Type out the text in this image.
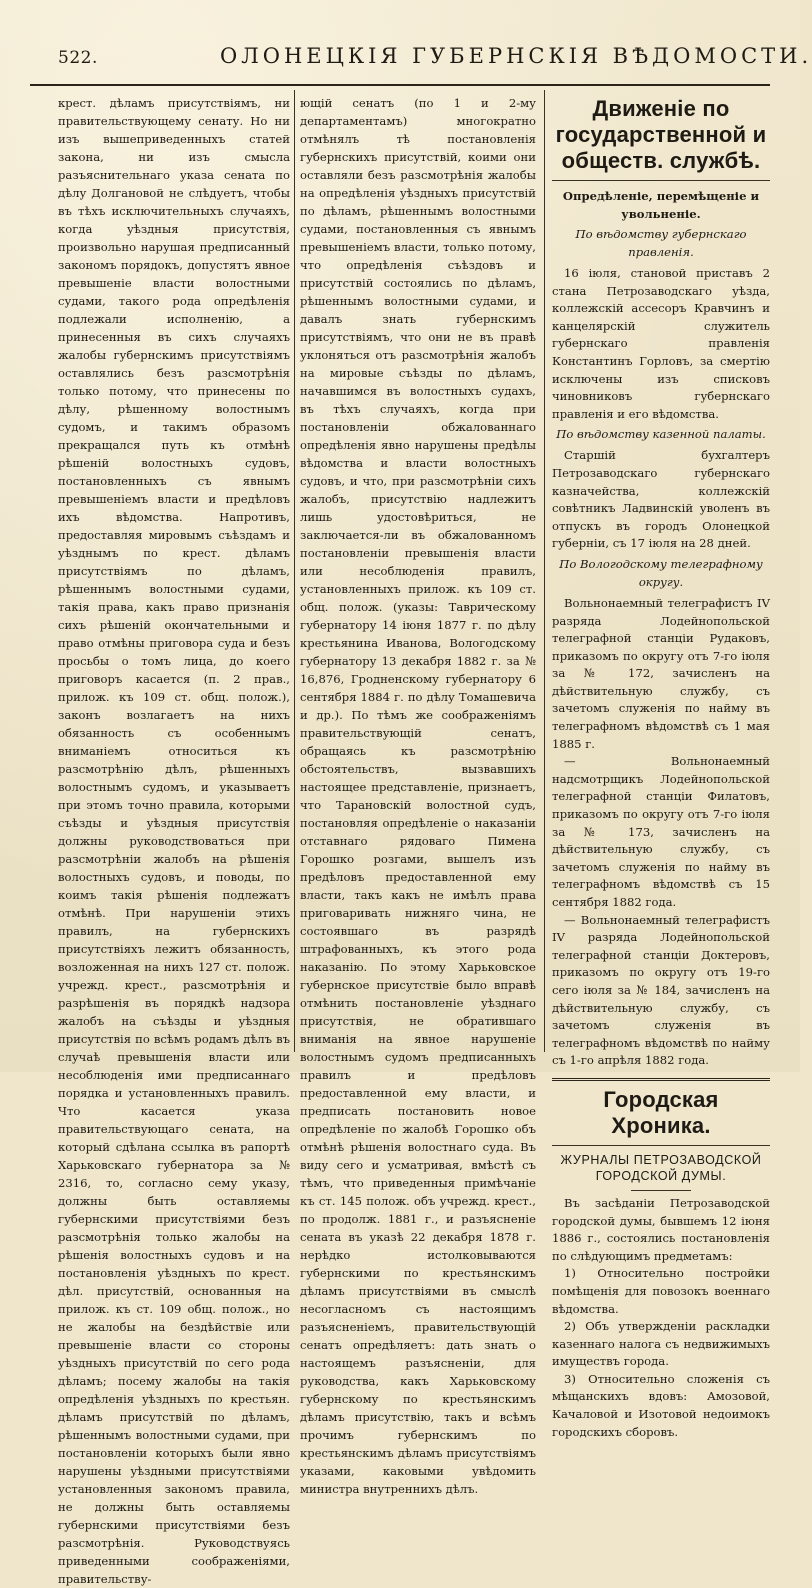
522.	ОЛОНЕЦКІЯ ГУБЕРНСКІЯ ВѢДОМОСТИ.

крест. дѣламъ присутствіямъ, ни правительствующему сенату. Но ни изъ вышеприведенныхъ статей закона, ни изъ смысла разъяснительнаго указа сената по дѣлу Долгановой не слѣдуетъ, чтобы въ тѣхъ исключительныхъ случаяхъ, когда уѣздныя присутствія, произвольно нарушая предписанный закономъ порядокъ, допустятъ явное превышеніе власти волостными судами, такого рода опредѣленія подлежали исполненію, а принесенныя въ сихъ случаяхъ жалобы губернскимъ присутствіямъ оставлялись безъ разсмотрѣнія только потому, что принесены по дѣлу, рѣшенному волостнымъ судомъ, и такимъ образомъ прекращался путь къ отмѣнѣ рѣшеній волостныхъ судовъ, постановленныхъ съ явнымъ превышеніемъ власти и предѣловъ ихъ вѣдомства. Напротивъ, предоставляя мировымъ съѣздамъ и уѣзднымъ по крест. дѣламъ присутствіямъ по дѣламъ, рѣшеннымъ волостными судами, такія права, какъ право признанія сихъ рѣшеній окончательными и право отмѣны приговора суда и безъ просьбы о томъ лица, до коего приговоръ касается (п. 2 прав., прилож. къ 109 ст. общ. полож.), законъ возлагаетъ на нихъ обязанность съ особеннымъ вниманіемъ относиться къ разсмотрѣнію дѣлъ, рѣшенныхъ волостнымъ судомъ, и указываетъ при этомъ точно правила, которыми съѣзды и уѣздныя присутствія должны руководствоваться при разсмотрѣніи жалобъ на рѣшенія волостныхъ судовъ, и поводы, по коимъ такія рѣшенія подлежатъ отмѣнѣ. При нарушеніи этихъ правилъ, на губернскихъ присутствіяхъ лежитъ обязанность, возложенная на нихъ 127 ст. полож. учрежд. крест., разсмотрѣнія и разрѣшенія въ порядкѣ надзора жалобъ на съѣзды и уѣздныя присутствія по всѣмъ родамъ дѣлъ въ случаѣ превышенія власти или несоблюденія ими предписаннаго порядка и установленныхъ правилъ. Что касается указа правительствующаго сената, на который сдѣлана ссылка въ рапортѣ Харьковскаго губернатора за № 2316, то, согласно сему указу, должны быть оставляемы губернскими присутствіями безъ разсмотрѣнія только жалобы на рѣшенія волостныхъ судовъ и на постановленія уѣздныхъ по крест. дѣл. присутствій, основанныя на прилож. къ ст. 109 общ. полож., но не жалобы на бездѣйствіе или превышеніе власти со стороны уѣздныхъ присутствій по сего рода дѣламъ; посему жалобы на такія опредѣленія уѣздныхъ по крестьян. дѣламъ присутствій по дѣламъ, рѣшеннымъ волостными судами, при постановленіи которыхъ были явно нарушены уѣздными присутствіями установленныя закономъ правила, не должны быть оставляемы губернскими присутствіями безъ разсмотрѣнія. Руководствуясь приведенными соображеніями, правительству-

ющій сенатъ (по 1 и 2-му департаментамъ) многократно отмѣнялъ тѣ постановленія губернскихъ присутствій, коими они оставляли безъ разсмотрѣнія жалобы на опредѣленія уѣздныхъ присутствій по дѣламъ, рѣшеннымъ волостными судами, постановленныя съ явнымъ превышеніемъ власти, только потому, что опредѣленія съѣздовъ и присутствій состоялись по дѣламъ, рѣшеннымъ волостными судами, и давалъ знать губернскимъ присутствіямъ, что они не въ правѣ уклоняться отъ разсмотрѣнія жалобъ на мировые съѣзды по дѣламъ, начавшимся въ волостныхъ судахъ, въ тѣхъ случаяхъ, когда при постановленіи обжалованнаго опредѣленія явно нарушены предѣлы вѣдомства и власти волостныхъ судовъ, и что, при разсмотрѣніи сихъ жалобъ, присутствію надлежитъ лишь удостовѣриться, не заключается-ли въ обжалованномъ постановленіи превышенія власти или несоблюденія правилъ, установленныхъ прилож. къ 109 ст. общ. полож. (указы: Таврическому губернатору 14 іюня 1877 г. по дѣлу крестьянина Иванова, Вологодскому губернатору 13 декабря 1882 г. за № 16,876, Гродненскому губернатору 6 сентября 1884 г. по дѣлу Томашевича и др.). По тѣмъ же соображеніямъ правительствующій сенатъ, обращаясь къ разсмотрѣнію обстоятельствъ, вызвавшихъ настоящее представленіе, признаетъ, что Тарановскій волостной судъ, постановляя опредѣленіе о наказаніи отставнаго рядоваго Пимена Горошко розгами, вышелъ изъ предѣловъ предоставленной ему власти, такъ какъ не имѣлъ права приговаривать нижняго чина, не состоявшаго въ разрядѣ штрафованныхъ, къ этого рода наказанію. По этому Харьковское губернское присутствіе было вправѣ отмѣнить постановленіе уѣзднаго присутствія, не обратившаго вниманія на явное нарушеніе волостнымъ судомъ предписанныхъ правилъ и предѣловъ предоставленной ему власти, и предписать постановить новое опредѣленіе по жалобѣ Горошко объ отмѣнѣ рѣшенія волостнаго суда. Въ виду сего и усматривая, вмѣстѣ съ тѣмъ, что приведенныя примѣчаніе къ ст. 145 полож. объ учрежд. крест., по продолж. 1881 г., и разъясненіе сената въ указѣ 22 декабря 1878 г. нерѣдко истолковываются губернскими по крестьянскимъ дѣламъ присутствіями въ смыслѣ несогласномъ съ настоящимъ разъясненіемъ, правительствующій сенатъ опредѣляетъ: дать знать о настоящемъ разъясненіи, для руководства, какъ Харьковскому губернскому по крестьянскимъ дѣламъ присутствію, такъ и всѣмъ прочимъ губернскимъ по крестьянскимъ дѣламъ присутствіямъ указами, каковыми увѣдомить министра внутреннихъ дѣлъ.

Движеніе по государственной и обществ. службѣ.
Опредѣленіе, перемѣщеніе и увольненіе.
По вѣдомству губернскаго правленія.

16 іюля, становой приставъ 2 стана Петрозаводскаго уѣзда, коллежскій ассесоръ Кравчинъ и канцелярскій служитель губернскаго правленія Константинъ Горловъ, за смертію исключены изъ списковъ чиновниковъ губернскаго правленія и его вѣдомства.

По вѣдомству казенной палаты.

Старшій бухгалтеръ Петрозаводскаго губернскаго казначейства, коллежскій совѣтникъ Ладвинскій уволенъ въ отпускъ въ городъ Олонецкой губерніи, съ 17 іюля на 28 дней.

По Вологодскому телеграфному округу.

Вольнонаемный телеграфистъ IV разряда Лодейнопольской телеграфной станціи Рудаковъ, приказомъ по округу отъ 7-го іюля за № 172, зачисленъ на дѣйствительную службу, съ зачетомъ служенія по найму въ телеграфномъ вѣдомствѣ съ 1 мая 1885 г.

— Вольнонаемный надсмотрщикъ Лодейнопольской телеграфной станціи Филатовъ, приказомъ по округу отъ 7-го іюля за № 173, зачисленъ на дѣйствительную службу, съ зачетомъ служенія по найму въ телеграфномъ вѣдомствѣ съ 15 сентября 1882 года.

— Вольнонаемный телеграфистъ IV разряда Лодейнопольской телеграфной станціи Доктеровъ, приказомъ по округу отъ 19-го сего іюля за № 184, зачисленъ на дѣйствительную службу, съ зачетомъ служенія въ телеграфномъ вѣдомствѣ по найму съ 1-го апрѣля 1882 года.

Городская Хроника.
ЖУРНАЛЫ ПЕТРОЗАВОДСКОЙ ГОРОДСКОЙ ДУМЫ.

Въ засѣданіи Петрозаводской городской думы, бывшемъ 12 іюня 1886 г., состоялись постановленія по слѣдующимъ предметамъ:

1) Относительно постройки помѣщенія для повозокъ военнаго вѣдомства.

2) Объ утвержденіи раскладки казеннаго налога съ недвижимыхъ имуществъ города.

3) Относительно сложенія съ мѣщанскихъ вдовъ: Амозовой, Качаловой и Изотовой недоимокъ городскихъ сборовъ.
